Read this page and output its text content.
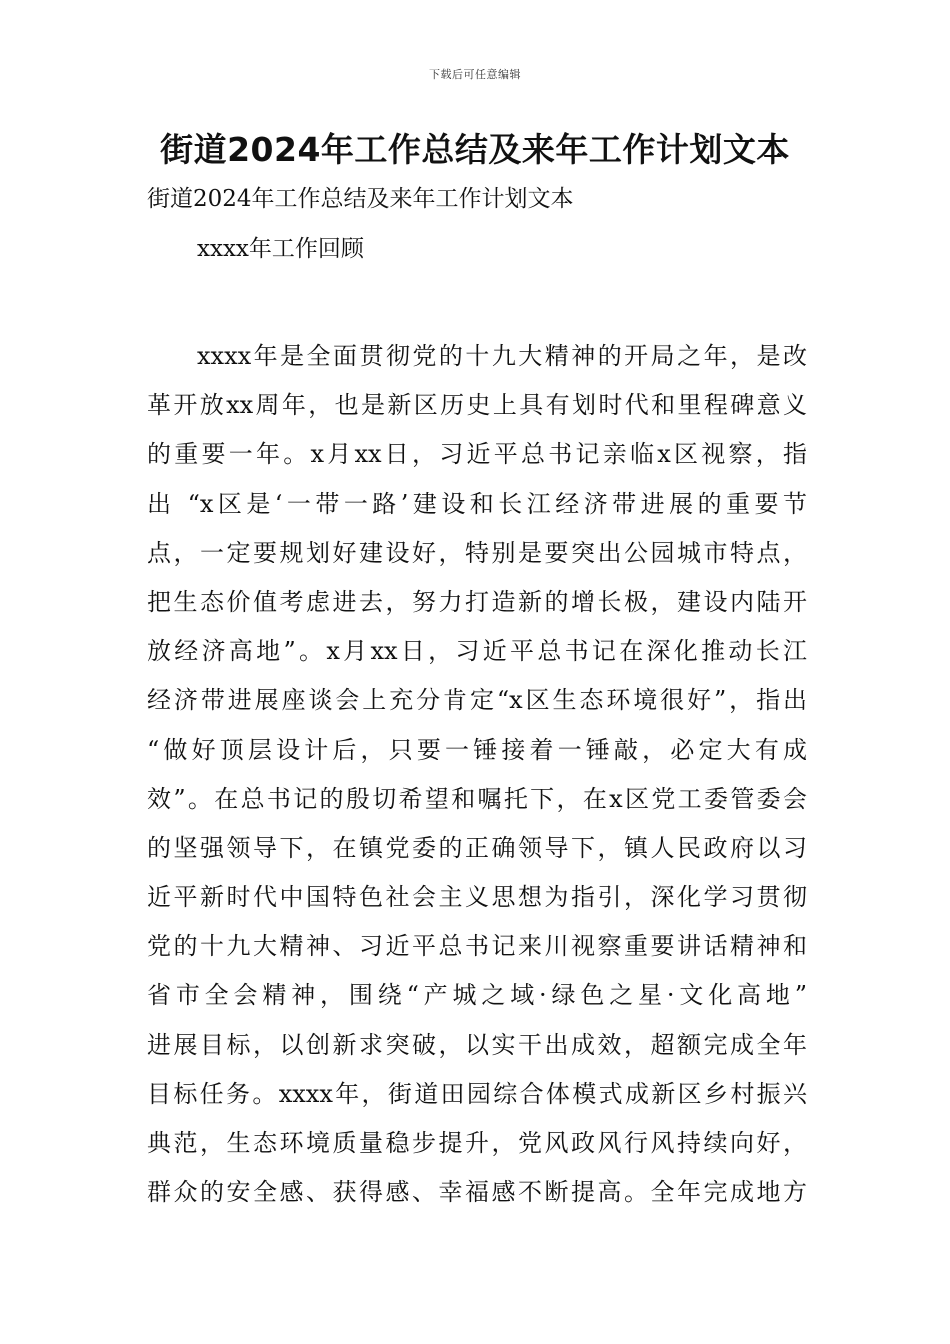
下载后可任意编辑
街道2024年工作总结及来年工作计划文本

街道2024年工作总结及来年工作计划文本

xxxx年工作回顾

xxxx年是全面贯彻党的十九大精神的开局之年，是改
革开放xx周年，也是新区历史上具有划时代和里程碑意义
的重要一年。x月xx日，习近平总书记亲临x区视察，指
出 “x区是‘一带一路’建设和长江经济带进展的重要节
点，一定要规划好建设好，特别是要突出公园城市特点，
把生态价值考虑进去，努力打造新的增长极，建设内陆开
放经济高地”。x月xx日，习近平总书记在深化推动长江
经济带进展座谈会上充分肯定“x区生态环境很好”，指出
“做好顶层设计后，只要一锤接着一锤敲，必定大有成
效”。在总书记的殷切希望和嘱托下，在x区党工委管委会
的坚强领导下，在镇党委的正确领导下，镇人民政府以习
近平新时代中国特色社会主义思想为指引，深化学习贯彻
党的十九大精神、习近平总书记来川视察重要讲话精神和
省市全会精神，围绕“产城之域·绿色之星·文化高地”
进展目标，以创新求突破，以实干出成效，超额完成全年
目标任务。xxxx年，街道田园综合体模式成新区乡村振兴
典范，生态环境质量稳步提升，党风政风行风持续向好，
群众的安全感、获得感、幸福感不断提高。全年完成地方
